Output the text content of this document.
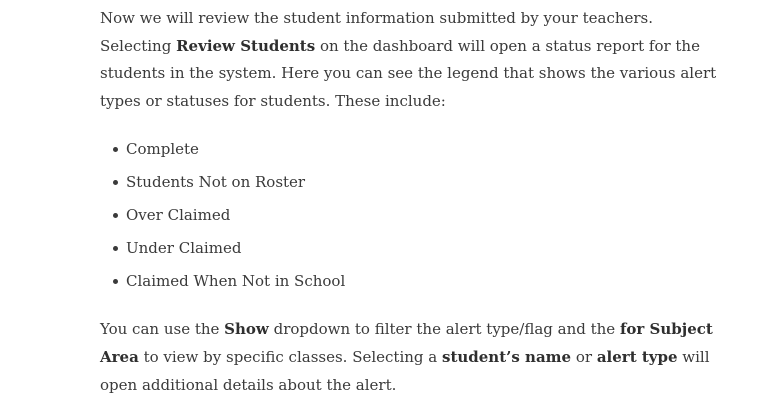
Now we will review the student information submitted by your teachers. Selecting Review Students on the dashboard will open a status report for the students in the system. Here you can see the legend that shows the various alert types or statuses for students. These include:

Complete
Students Not on Roster
Over Claimed
Under Claimed
Claimed When Not in School

You can use the Show dropdown to filter the alert type/flag and the for Subject Area to view by specific classes. Selecting a student’s name or alert type will open additional details about the alert.
